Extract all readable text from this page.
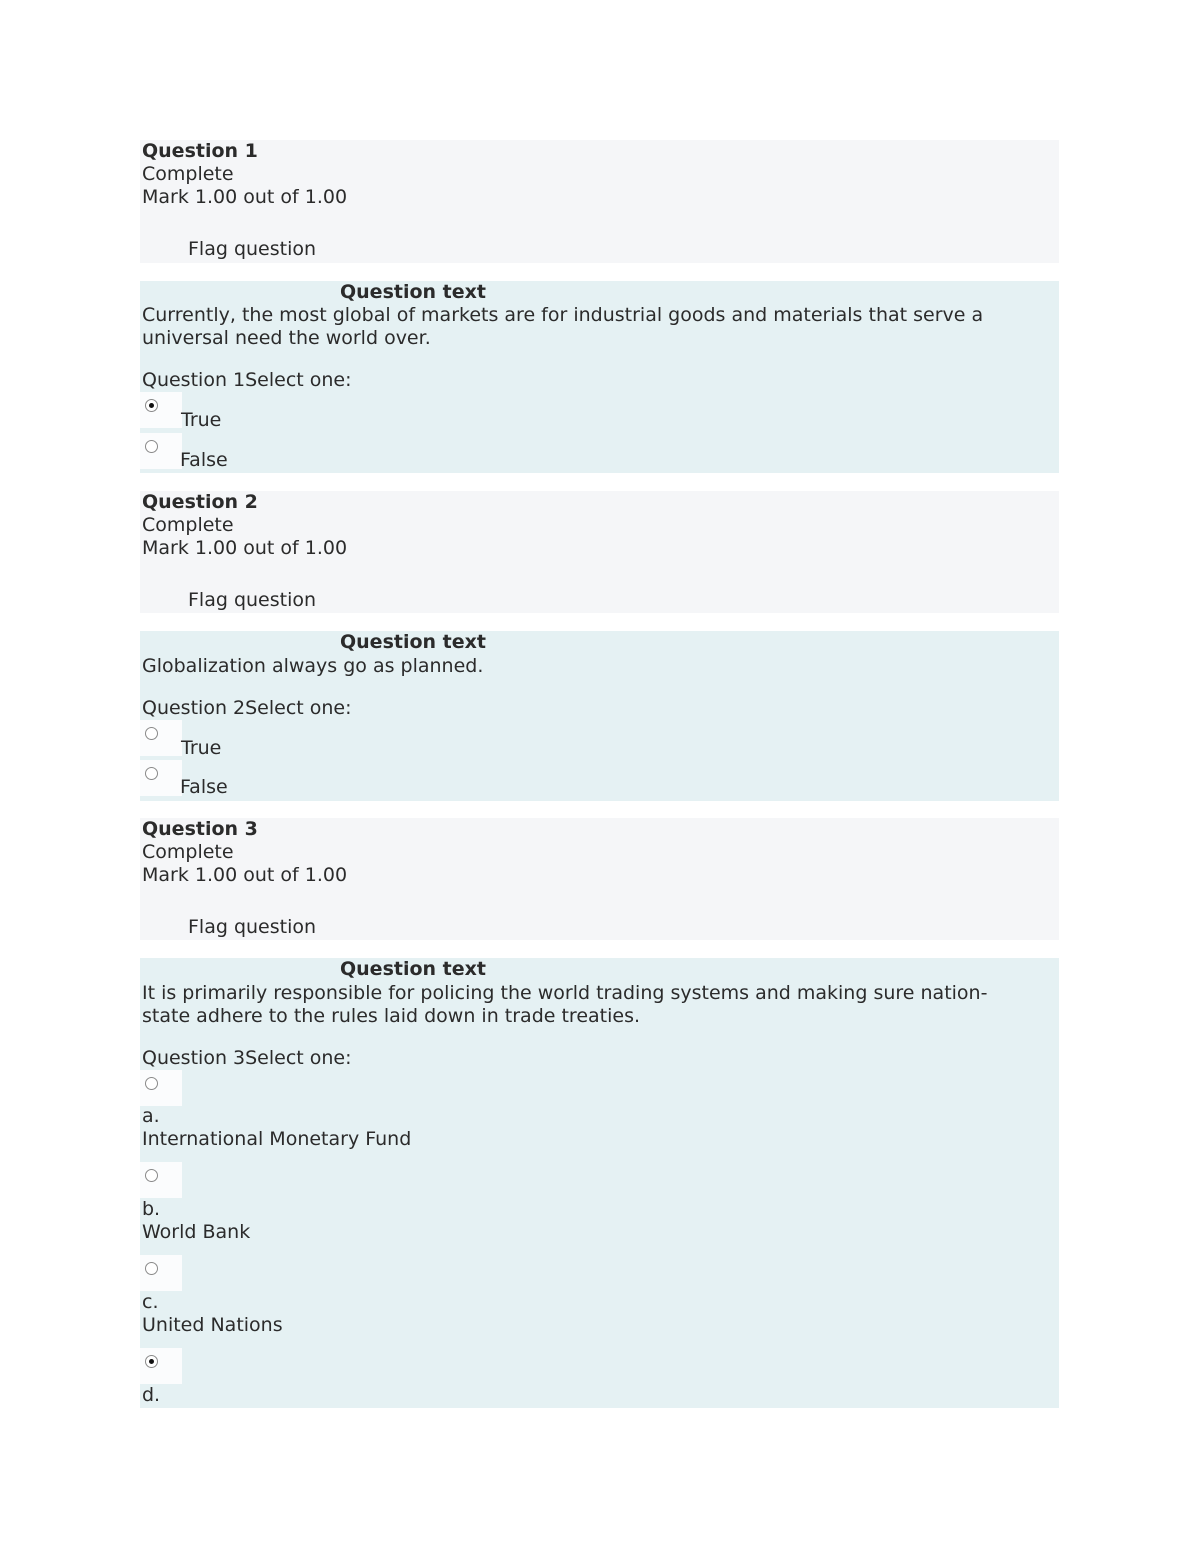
Question 1
Complete
Mark 1.00 out of 1.00
Flag question
Question text
Currently, the most global of markets are for industrial goods and materials that serve a universal need the world over.
Question 1Select one:
True
False
Question 2
Complete
Mark 1.00 out of 1.00
Flag question
Question text
Globalization always go as planned.
Question 2Select one:
True
False
Question 3
Complete
Mark 1.00 out of 1.00
Flag question
Question text
It is primarily responsible for policing the world trading systems and making sure nation-state adhere to the rules laid down in trade treaties.
Question 3Select one:
a.
International Monetary Fund
b.
World Bank
c.
United Nations
d.
